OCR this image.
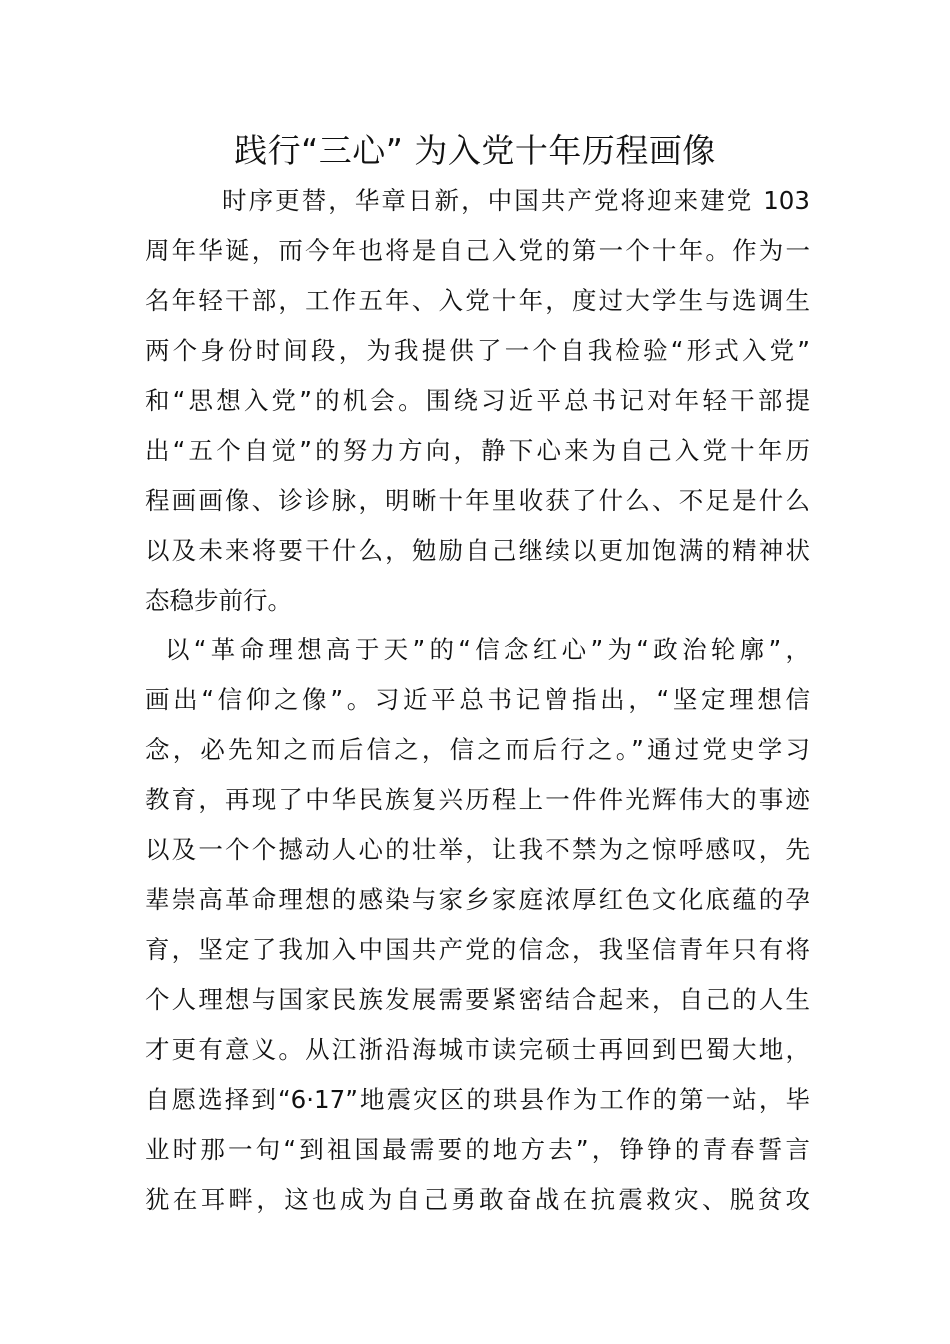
践行“三心” 为入党十年历程画像
时序更替，华章日新，中国共产党将迎来建党 103
周年华诞，而今年也将是自己入党的第一个十年。作为一
名年轻干部，工作五年、入党十年，度过大学生与选调生
两个身份时间段，为我提供了一个自我检验“形式入党”
和“思想入党”的机会。围绕习近平总书记对年轻干部提
出“五个自觉”的努力方向，静下心来为自己入党十年历
程画画像、诊诊脉，明晰十年里收获了什么、不足是什么
以及未来将要干什么，勉励自己继续以更加饱满的精神状
态稳步前行。
以“革命理想高于天”的“信念红心”为“政治轮廓”，
画出“信仰之像”。习近平总书记曾指出，“坚定理想信
念，必先知之而后信之，信之而后行之。”通过党史学习
教育，再现了中华民族复兴历程上一件件光辉伟大的事迹
以及一个个撼动人心的壮举，让我不禁为之惊呼感叹，先
辈崇高革命理想的感染与家乡家庭浓厚红色文化底蕴的孕
育，坚定了我加入中国共产党的信念，我坚信青年只有将
个人理想与国家民族发展需要紧密结合起来，自己的人生
才更有意义。从江浙沿海城市读完硕士再回到巴蜀大地，
自愿选择到“6·17”地震灾区的珙县作为工作的第一站，毕
业时那一句“到祖国最需要的地方去”，铮铮的青春誓言
犹在耳畔，这也成为自己勇敢奋战在抗震救灾、脱贫攻
